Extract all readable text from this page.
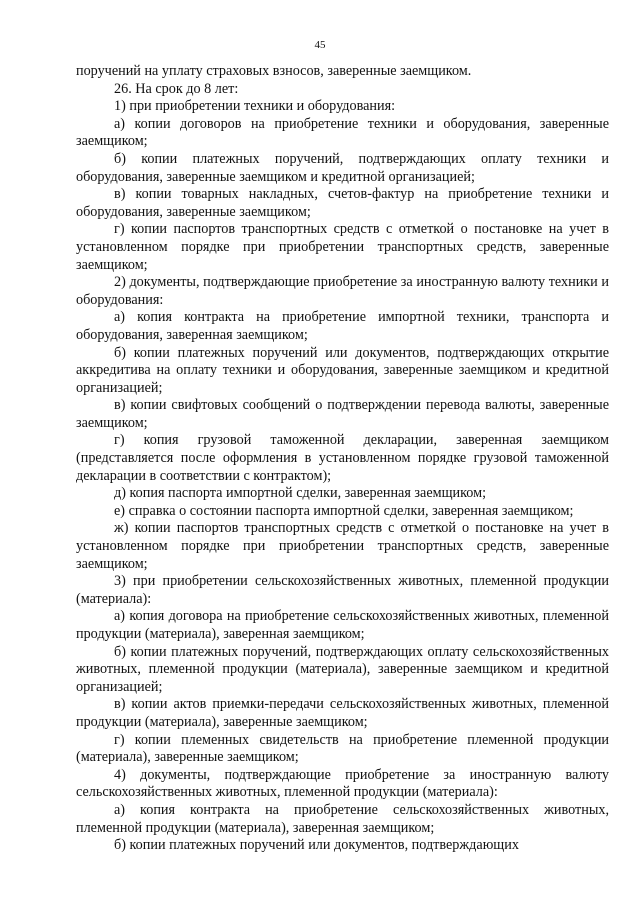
45

поручений на уплату страховых взносов, заверенные заемщиком.

26. На срок до 8 лет:

1) при приобретении техники и оборудования:

а) копии договоров на приобретение техники и оборудования, заверенные заемщиком;

б) копии платежных поручений, подтверждающих оплату техники и оборудования, заверенные заемщиком и кредитной организацией;

в) копии товарных накладных, счетов-фактур на приобретение техники и оборудования, заверенные заемщиком;

г) копии паспортов транспортных средств с отметкой о постановке на учет в установленном порядке при приобретении транспортных средств, заверенные заемщиком;

2) документы, подтверждающие приобретение за иностранную валюту техники и оборудования:

а) копия контракта на приобретение импортной техники, транспорта и оборудования, заверенная заемщиком;

б) копии платежных поручений или документов, подтверждающих открытие аккредитива на оплату техники и оборудования, заверенные заемщиком и кредитной организацией;

в) копии свифтовых сообщений о подтверждении перевода валюты, заверенные заемщиком;

г) копия грузовой таможенной декларации, заверенная заемщиком (представляется после оформления в установленном порядке грузовой таможенной декларации в соответствии с контрактом);

д) копия паспорта импортной сделки, заверенная заемщиком;

е) справка о состоянии паспорта импортной сделки, заверенная заемщиком;

ж) копии паспортов транспортных средств с отметкой о постановке на учет в установленном порядке при приобретении транспортных средств, заверенные заемщиком;

3) при приобретении сельскохозяйственных животных, племенной продукции (материала):

а) копия договора на приобретение сельскохозяйственных животных, племенной продукции (материала), заверенная заемщиком;

б) копии платежных поручений, подтверждающих оплату сельскохозяйственных животных, племенной продукции (материала), заверенные заемщиком и кредитной организацией;

в) копии актов приемки-передачи сельскохозяйственных животных, племенной продукции (материала), заверенные заемщиком;

г) копии племенных свидетельств на приобретение племенной продукции (материала), заверенные заемщиком;

4) документы, подтверждающие приобретение за иностранную валюту сельскохозяйственных животных, племенной продукции (материала):

а) копия контракта на приобретение сельскохозяйственных животных, племенной продукции (материала), заверенная заемщиком;

б) копии платежных поручений или документов, подтверждающих
